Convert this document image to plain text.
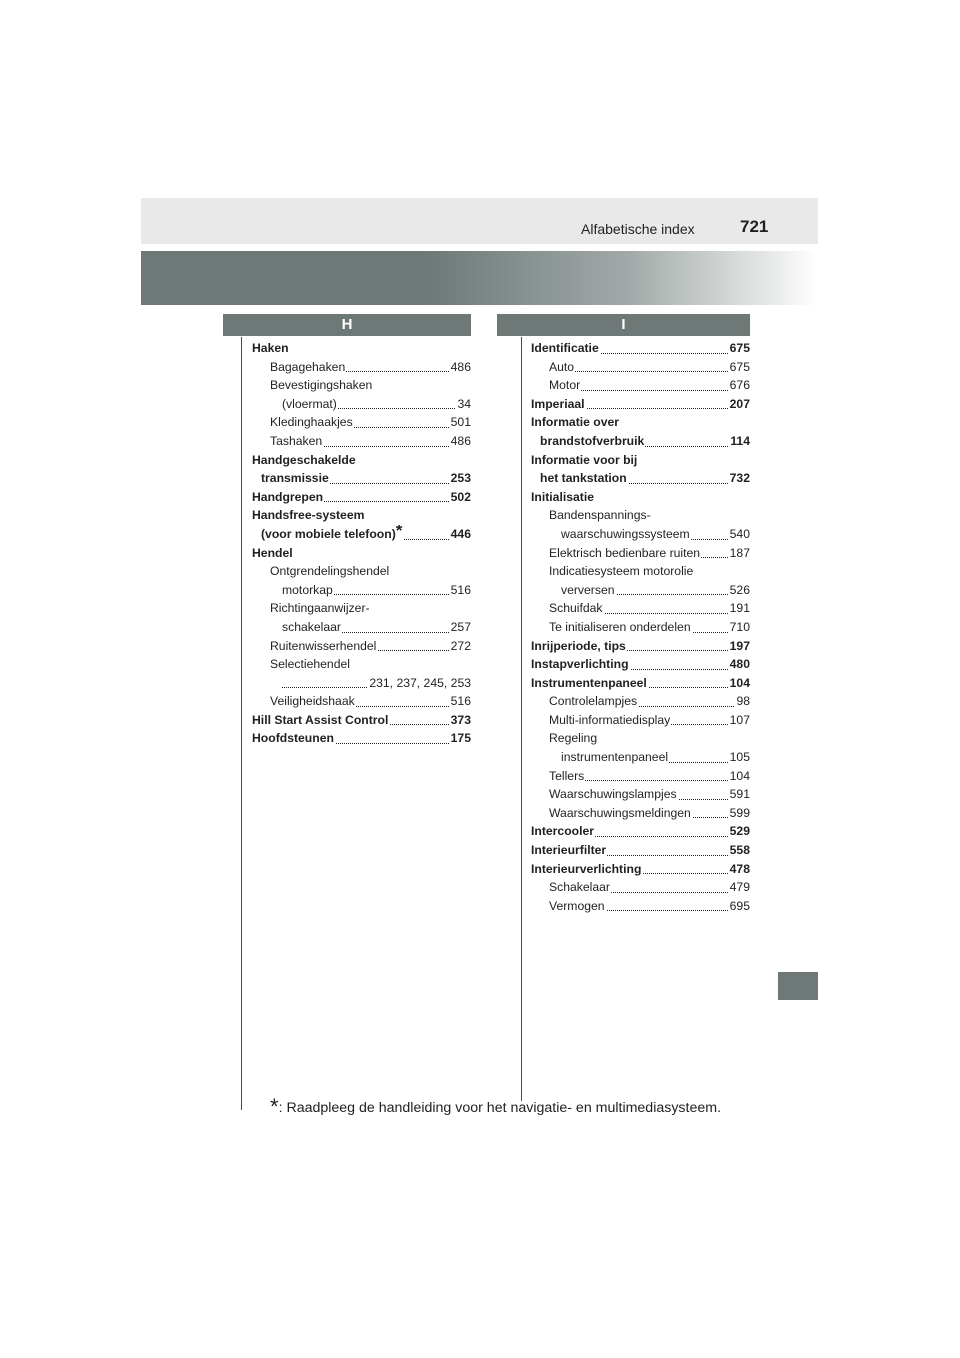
Alfabetische index	721
H	I
Haken
Bagagehaken	486
Bevestigingshaken
(vloermat)	34
Kledinghaakjes	501
Tashaken	486
Handgeschakelde
transmissie	253
Handgrepen	502
Handsfree-systeem
(voor mobiele telefoon)*	446
Hendel
Ontgrendelingshendel
motorkap	516
Richtingaanwijzer-
schakelaar	257
Ruitenwisserhendel	272
Selectiehendel
231, 237, 245, 253
Veiligheidshaak	516
Hill Start Assist Control	373
Hoofdsteunen	175
Identificatie	675
Auto	675
Motor	676
Imperiaal	207
Informatie over
brandstofverbruik	114
Informatie voor bij
het tankstation	732
Initialisatie
Bandenspannings-
waarschuwingssysteem	540
Elektrisch bedienbare ruiten 187
Indicatiesysteem motorolie
verversen	526
Schuifdak	191
Te initialiseren onderdelen	710
Inrijperiode, tips	197
Instapverlichting	480
Instrumentenpaneel	104
Controlelampjes	98
Multi-informatiedisplay	107
Regeling
instrumentenpaneel	105
Tellers	104
Waarschuwingslampjes	591
Waarschuwingsmeldingen	599
Intercooler	529
Interieurfilter	558
Interieurverlichting	478
Schakelaar	479
Vermogen	695
*: Raadpleeg de handleiding voor het navigatie- en multimediasysteem.
